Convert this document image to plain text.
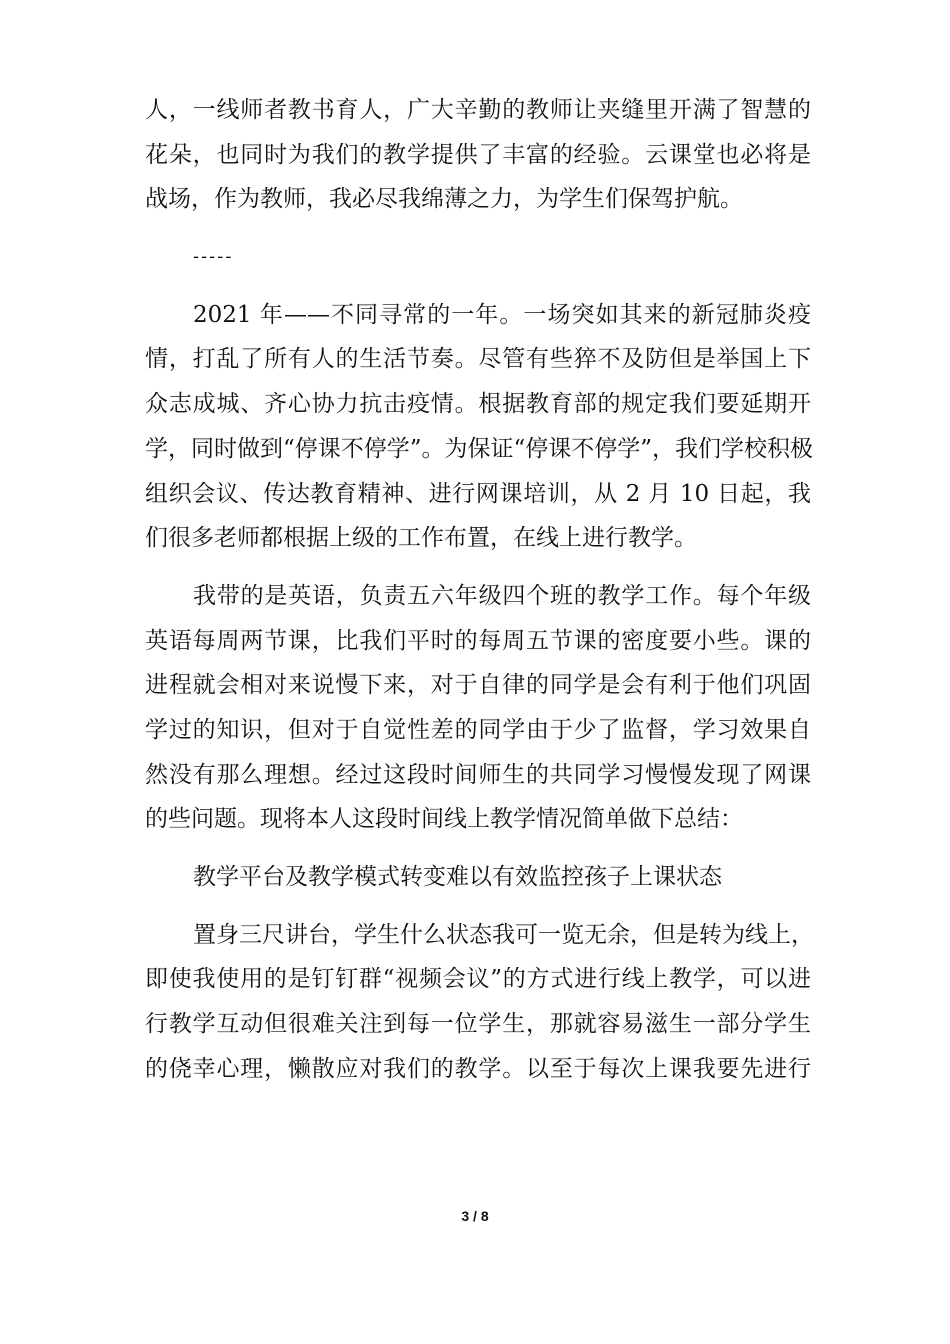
人，一线师者教书育人，广大辛勤的教师让夹缝里开满了智慧的
花朵，也同时为我们的教学提供了丰富的经验。云课堂也必将是
战场，作为教师，我必尽我绵薄之力，为学生们保驾护航。
-----
2021 年——不同寻常的一年。一场突如其来的新冠肺炎疫
情，打乱了所有人的生活节奏。尽管有些猝不及防但是举国上下
众志成城、齐心协力抗击疫情。根据教育部的规定我们要延期开
学，同时做到“停课不停学”。为保证“停课不停学”，我们学校积极
组织会议、传达教育精神、进行网课培训，从 2 月 10 日起，我
们很多老师都根据上级的工作布置，在线上进行教学。
我带的是英语，负责五六年级四个班的教学工作。每个年级
英语每周两节课，比我们平时的每周五节课的密度要小些。课的
进程就会相对来说慢下来，对于自律的同学是会有利于他们巩固
学过的知识，但对于自觉性差的同学由于少了监督，学习效果自
然没有那么理想。经过这段时间师生的共同学习慢慢发现了网课
的些问题。现将本人这段时间线上教学情况简单做下总结：
教学平台及教学模式转变难以有效监控孩子上课状态
置身三尺讲台，学生什么状态我可一览无余，但是转为线上，
即使我使用的是钉钉群“视频会议”的方式进行线上教学，可以进
行教学互动但很难关注到每一位学生，那就容易滋生一部分学生
的侥幸心理，懒散应对我们的教学。以至于每次上课我要先进行
3 / 8
